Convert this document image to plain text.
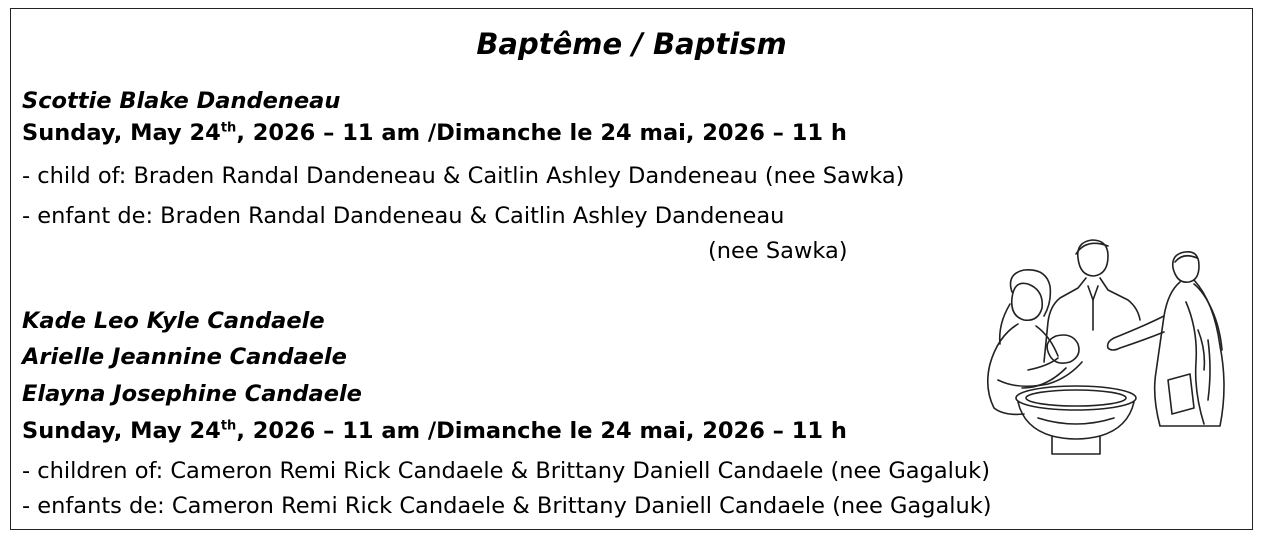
Baptême / Baptism

Scottie Blake Dandeneau

Sunday, May 24th, 2026 – 11 am /Dimanche le 24 mai, 2026 – 11 h

- child of: Braden Randal Dandeneau & Caitlin Ashley Dandeneau (nee Sawka)

- enfant de: Braden Randal Dandeneau & Caitlin Ashley Dandeneau

(nee Sawka)

Kade Leo Kyle Candaele

Arielle Jeannine Candaele

Elayna Josephine Candaele

Sunday, May 24th, 2026 – 11 am /Dimanche le 24 mai, 2026 – 11 h

- children of: Cameron Remi Rick Candaele & Brittany Daniell Candaele (nee Gagaluk)

- enfants de: Cameron Remi Rick Candaele & Brittany Daniell Candaele (nee Gagaluk)
